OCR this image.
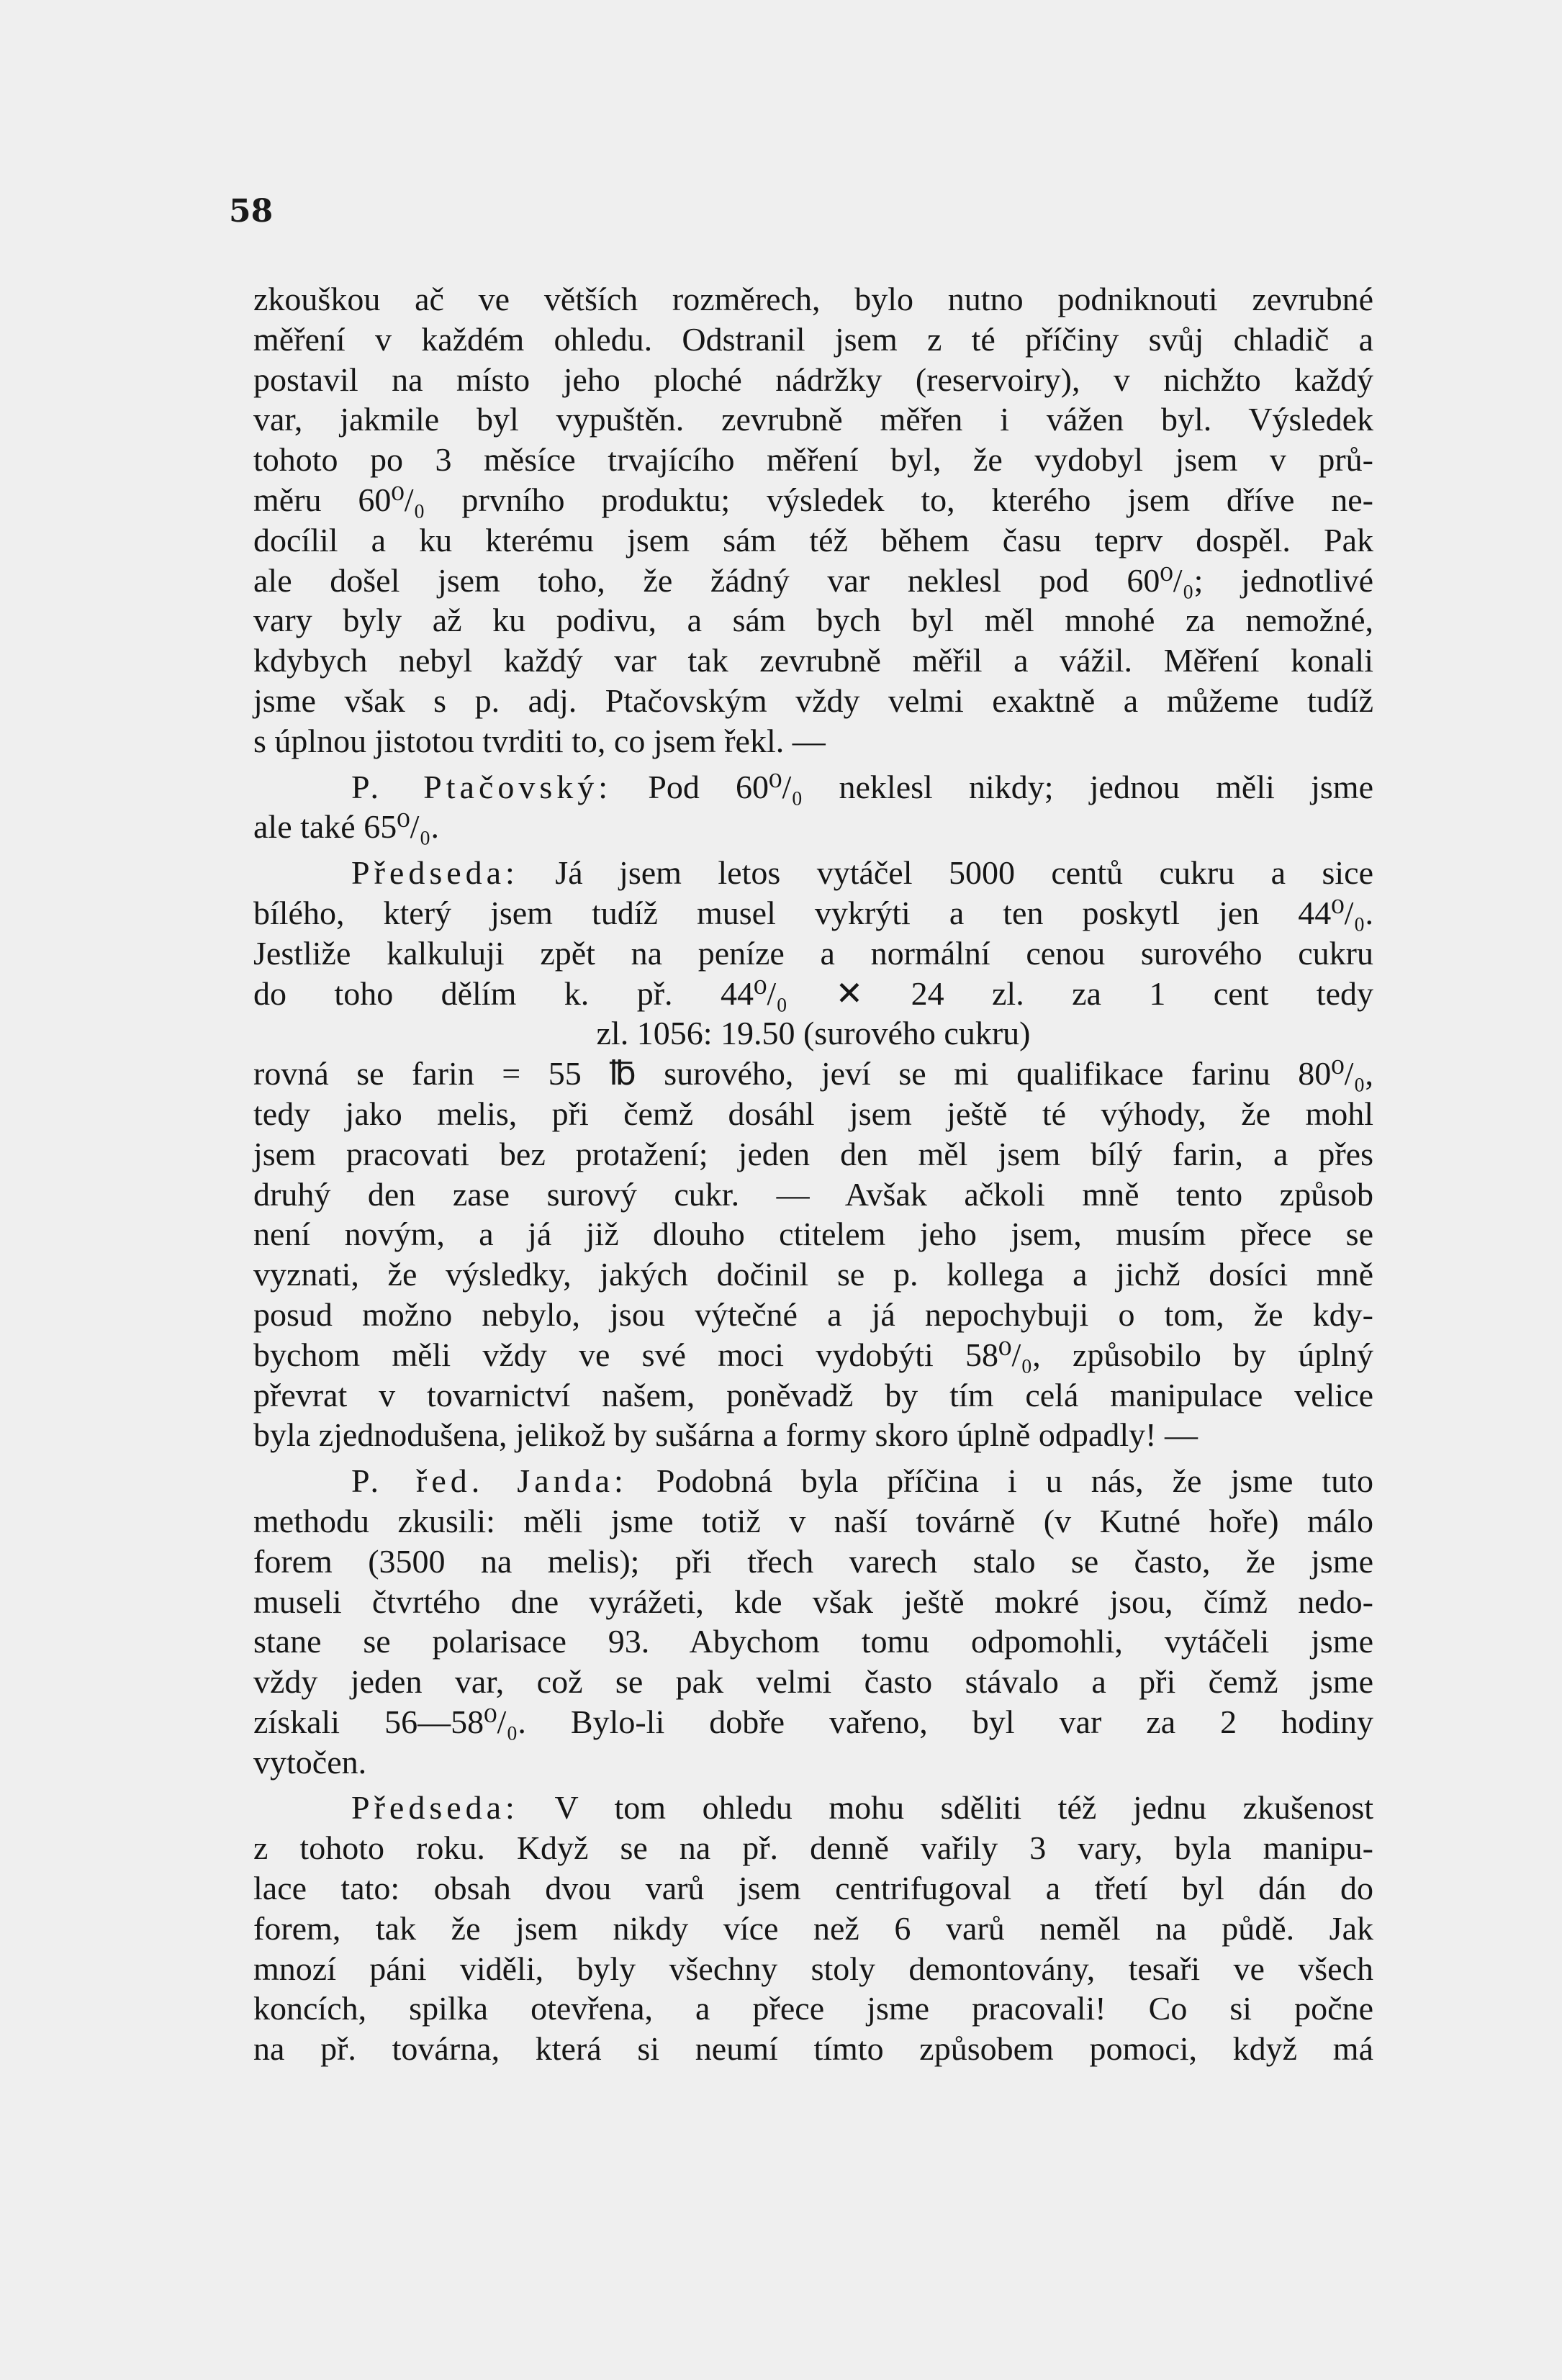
58
zkouškou ač ve větších rozměrech, bylo nutno podniknouti zevrubné
měření v každém ohledu. Odstranil jsem z té příčiny svůj chladič a
postavil na místo jeho ploché nádržky (reservoiry), v nichžto každý
var, jakmile byl vypuštěn. zevrubně měřen i vážen byl. Výsledek
tohoto po 3 měsíce trvajícího měření byl, že vydobyl jsem v prů-
měru 60⁰/₀ prvního produktu; výsledek to, kterého jsem dříve ne-
docílil a ku kterému jsem sám též během času teprv dospěl. Pak
ale došel jsem toho, že žádný var neklesl pod 60⁰/₀; jednotlivé
vary byly až ku podivu, a sám bych byl měl mnohé za nemožné,
kdybych nebyl každý var tak zevrubně měřil a vážil. Měření konali
jsme však s p. adj. Ptačovským vždy velmi exaktně a můžeme tudíž
s úplnou jistotou tvrditi to, co jsem řekl. —
P. Ptačovský: Pod 60⁰/₀ neklesl nikdy; jednou měli jsme
ale také 65⁰/₀.
Předseda: Já jsem letos vytáčel 5000 centů cukru a sice
bílého, který jsem tudíž musel vykrýti a ten poskytl jen 44⁰/₀.
Jestliže kalkuluji zpět na peníze a normální cenou surového cukru
do toho dělím k. př. 44⁰/₀ ✕ 24 zl. za 1 cent tedy
zl. 1056: 19.50 (surového cukru)
rovná se farin = 55 ℔ surového, jeví se mi qualifikace farinu 80⁰/₀,
tedy jako melis, při čemž dosáhl jsem ještě té výhody, že mohl
jsem pracovati bez protažení; jeden den měl jsem bílý farin, a přes
druhý den zase surový cukr. — Avšak ačkoli mně tento způsob
není novým, a já již dlouho ctitelem jeho jsem, musím přece se
vyznati, že výsledky, jakých dočinil se p. kollega a jichž dosíci mně
posud možno nebylo, jsou výtečné a já nepochybuji o tom, že kdy-
bychom měli vždy ve své moci vydobýti 58⁰/₀, způsobilo by úplný
převrat v tovarnictví našem, poněvadž by tím celá manipulace velice
byla zjednodušena, jelikož by sušárna a formy skoro úplně odpadly! —
P. řed. Janda: Podobná byla příčina i u nás, že jsme tuto
methodu zkusili: měli jsme totiž v naší továrně (v Kutné hoře) málo
forem (3500 na melis); při třech varech stalo se často, že jsme
museli čtvrtého dne vyrážeti, kde však ještě mokré jsou, čímž nedo-
stane se polarisace 93. Abychom tomu odpomohli, vytáčeli jsme
vždy jeden var, což se pak velmi často stávalo a při čemž jsme
získali 56—58⁰/₀. Bylo-li dobře vařeno, byl var za 2 hodiny
vytočen.
Předseda: V tom ohledu mohu sděliti též jednu zkušenost
z tohoto roku. Když se na př. denně vařily 3 vary, byla manipu-
lace tato: obsah dvou varů jsem centrifugoval a třetí byl dán do
forem, tak že jsem nikdy více než 6 varů neměl na půdě. Jak
mnozí páni viděli, byly všechny stoly demontovány, tesaři ve všech
koncích, spilka otevřena, a přece jsme pracovali! Co si počne
na př. továrna, která si neumí tímto způsobem pomoci, když má
